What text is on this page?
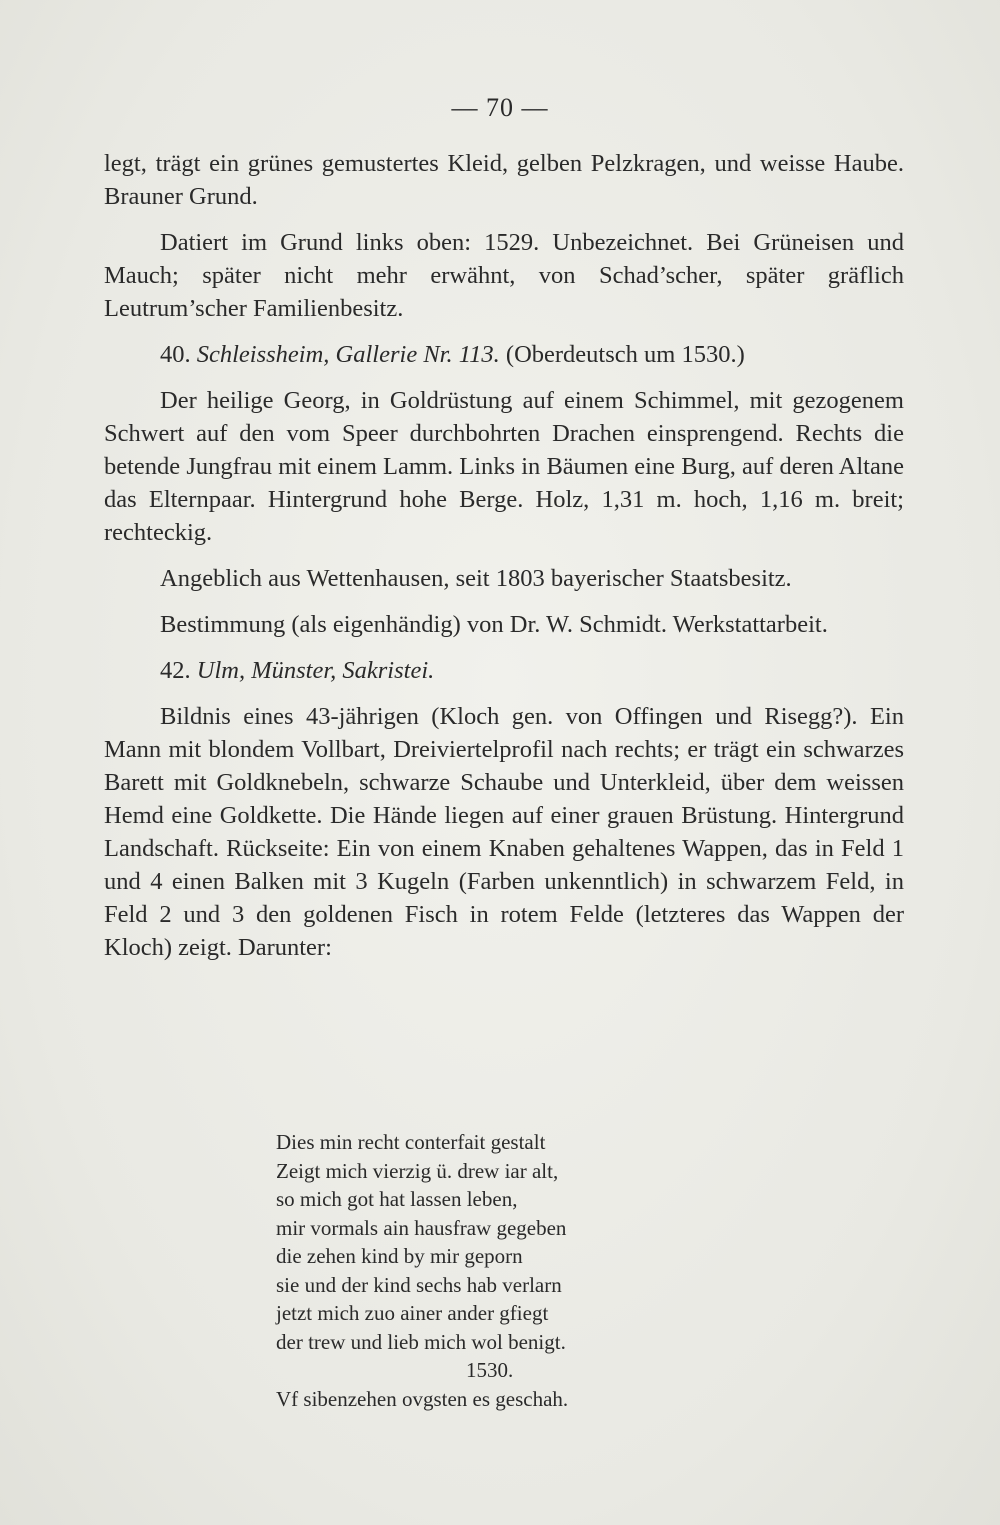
— 70 —

legt, trägt ein grünes gemustertes Kleid, gelben Pelzkragen, und weisse Haube. Brauner Grund.

Datiert im Grund links oben: 1529. Unbezeichnet. Bei Grüneisen und Mauch; später nicht mehr erwähnt, von Schad’scher, später gräflich Leutrum’scher Familienbesitz.

40. Schleissheim, Gallerie Nr. 113. (Oberdeutsch um 1530.)

Der heilige Georg, in Goldrüstung auf einem Schimmel, mit gezogenem Schwert auf den vom Speer durchbohrten Drachen einsprengend. Rechts die betende Jungfrau mit einem Lamm. Links in Bäumen eine Burg, auf deren Altane das Elternpaar. Hintergrund hohe Berge. Holz, 1,31 m. hoch, 1,16 m. breit; rechteckig.

Angeblich aus Wettenhausen, seit 1803 bayerischer Staatsbesitz.

Bestimmung (als eigenhändig) von Dr. W. Schmidt. Werkstattarbeit.

42. Ulm, Münster, Sakristei.

Bildnis eines 43-jährigen (Kloch gen. von Offingen und Risegg?). Ein Mann mit blondem Vollbart, Dreiviertelprofil nach rechts; er trägt ein schwarzes Barett mit Goldknebeln, schwarze Schaube und Unterkleid, über dem weissen Hemd eine Goldkette. Die Hände liegen auf einer grauen Brüstung. Hintergrund Landschaft. Rückseite: Ein von einem Knaben gehaltenes Wappen, das in Feld 1 und 4 einen Balken mit 3 Kugeln (Farben unkenntlich) in schwarzem Feld, in Feld 2 und 3 den goldenen Fisch in rotem Felde (letzteres das Wappen der Kloch) zeigt. Darunter:

Dies min recht conterfait gestalt
Zeigt mich vierzig ü. drew iar alt,
so mich got hat lassen leben,
mir vormals ain hausfraw gegeben
die zehen kind by mir geporn
sie und der kind sechs hab verlarn
jetzt mich zuo ainer ander gfiegt
der trew und lieb mich wol benigt.
1530.
Vf sibenzehen ovgsten es geschah.
